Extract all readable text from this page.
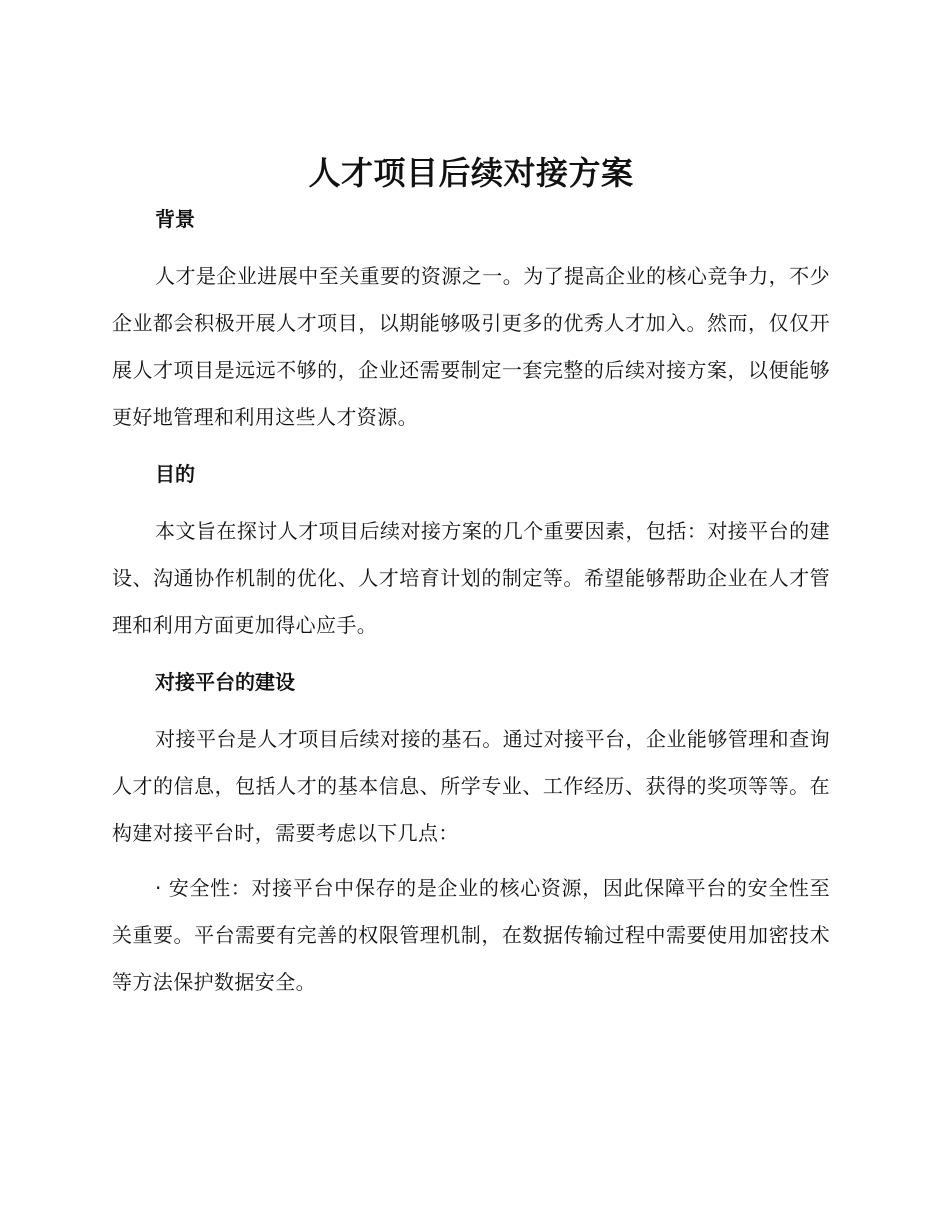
人才项目后续对接方案
背景

人才是企业进展中至关重要的资源之一。为了提高企业的核心竞争力，不少企业都会积极开展人才项目，以期能够吸引更多的优秀人才加入。然而，仅仅开展人才项目是远远不够的，企业还需要制定一套完整的后续对接方案，以便能够更好地管理和利用这些人才资源。

目的

本文旨在探讨人才项目后续对接方案的几个重要因素，包括：对接平台的建设、沟通协作机制的优化、人才培育计划的制定等。希望能够帮助企业在人才管理和利用方面更加得心应手。

对接平台的建设

对接平台是人才项目后续对接的基石。通过对接平台，企业能够管理和查询人才的信息，包括人才的基本信息、所学专业、工作经历、获得的奖项等等。在构建对接平台时，需要考虑以下几点：

· 安全性：对接平台中保存的是企业的核心资源，因此保障平台的安全性至关重要。平台需要有完善的权限管理机制，在数据传输过程中需要使用加密技术等方法保护数据安全。
